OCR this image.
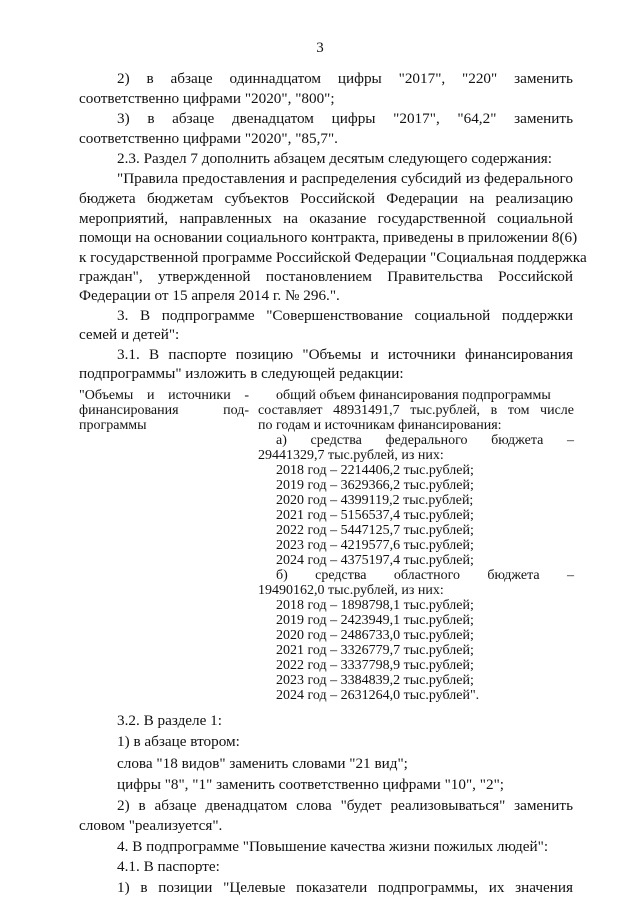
3
2) в абзаце одиннадцатом цифры "2017", "220" заменить
соответственно цифрами "2020", "800";
3) в абзаце двенадцатом цифры "2017", "64,2" заменить
соответственно цифрами "2020", "85,7".
2.3. Раздел 7 дополнить абзацем десятым следующего содержания:
"Правила предоставления и распределения субсидий из федерального
бюджета бюджетам субъектов Российской Федерации на реализацию
мероприятий, направленных на оказание государственной социальной
помощи на основании социального контракта, приведены в приложении 8(6)
к государственной программе Российской Федерации "Социальная поддержка
граждан", утвержденной постановлением Правительства Российской
Федерации от 15 апреля 2014 г. № 296.".
3. В подпрограмме "Совершенствование социальной поддержки
семей и детей":
3.1. В паспорте позицию "Объемы и источники финансирования
подпрограммы" изложить в следующей редакции:
"Объемы и источники -
финансирования под-
программы
общий объем финансирования подпрограммы
составляет 48931491,7 тыс.рублей, в том числе
по годам и источникам финансирования:
а) средства федерального бюджета –
29441329,7 тыс.рублей, из них:
2018 год – 2214406,2 тыс.рублей;
2019 год – 3629366,2 тыс.рублей;
2020 год – 4399119,2 тыс.рублей;
2021 год – 5156537,4 тыс.рублей;
2022 год – 5447125,7 тыс.рублей;
2023 год – 4219577,6 тыс.рублей;
2024 год – 4375197,4 тыс.рублей;
б) средства областного бюджета –
19490162,0 тыс.рублей, из них:
2018 год – 1898798,1 тыс.рублей;
2019 год – 2423949,1 тыс.рублей;
2020 год – 2486733,0 тыс.рублей;
2021 год – 3326779,7 тыс.рублей;
2022 год – 3337798,9 тыс.рублей;
2023 год – 3384839,2 тыс.рублей;
2024 год – 2631264,0 тыс.рублей".
3.2. В разделе 1:
1) в абзаце втором:
слова "18 видов" заменить словами "21 вид";
цифры "8", "1" заменить соответственно цифрами "10", "2";
2) в абзаце двенадцатом слова "будет реализовываться" заменить
словом "реализуется".
4. В подпрограмме "Повышение качества жизни пожилых людей":
4.1. В паспорте:
1) в позиции "Целевые показатели подпрограммы, их значения
